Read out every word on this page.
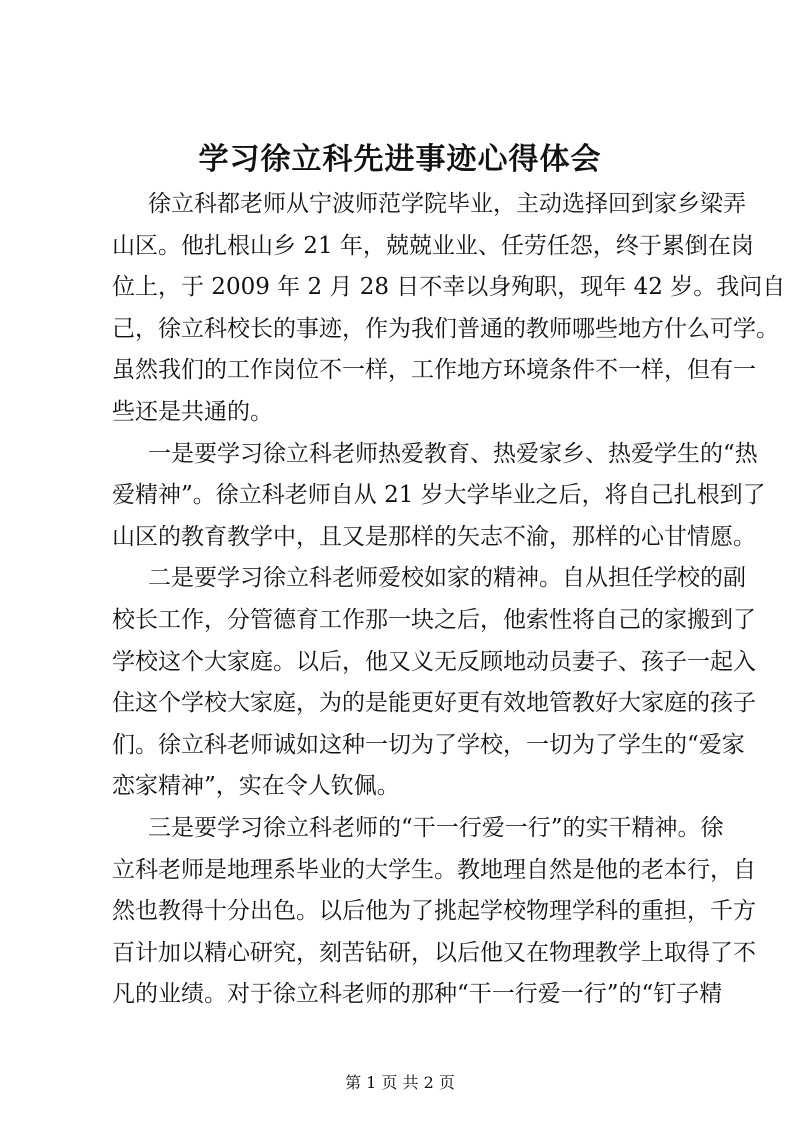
学习徐立科先进事迹心得体会
徐立科都老师从宁波师范学院毕业，主动选择回到家乡梁弄
山区。他扎根山乡 21 年，兢兢业业、任劳任怨，终于累倒在岗
位上，于 2009 年 2 月 28 日不幸以身殉职，现年 42 岁。我问自
己，徐立科校长的事迹，作为我们普通的教师哪些地方什么可学。
虽然我们的工作岗位不一样，工作地方环境条件不一样，但有一
些还是共通的。
一是要学习徐立科老师热爱教育、热爱家乡、热爱学生的“热
爱精神”。徐立科老师自从 21 岁大学毕业之后，将自己扎根到了
山区的教育教学中，且又是那样的矢志不渝，那样的心甘情愿。
二是要学习徐立科老师爱校如家的精神。自从担任学校的副
校长工作，分管德育工作那一块之后，他索性将自己的家搬到了
学校这个大家庭。以后，他又义无反顾地动员妻子、孩子一起入
住这个学校大家庭，为的是能更好更有效地管教好大家庭的孩子
们。徐立科老师诚如这种一切为了学校，一切为了学生的“爱家
恋家精神”，实在令人钦佩。
三是要学习徐立科老师的“干一行爱一行”的实干精神。徐
立科老师是地理系毕业的大学生。教地理自然是他的老本行，自
然也教得十分出色。以后他为了挑起学校物理学科的重担，千方
百计加以精心研究，刻苦钻研，以后他又在物理教学上取得了不
凡的业绩。对于徐立科老师的那种“干一行爱一行”的“钉子精
第 1 页 共 2 页
